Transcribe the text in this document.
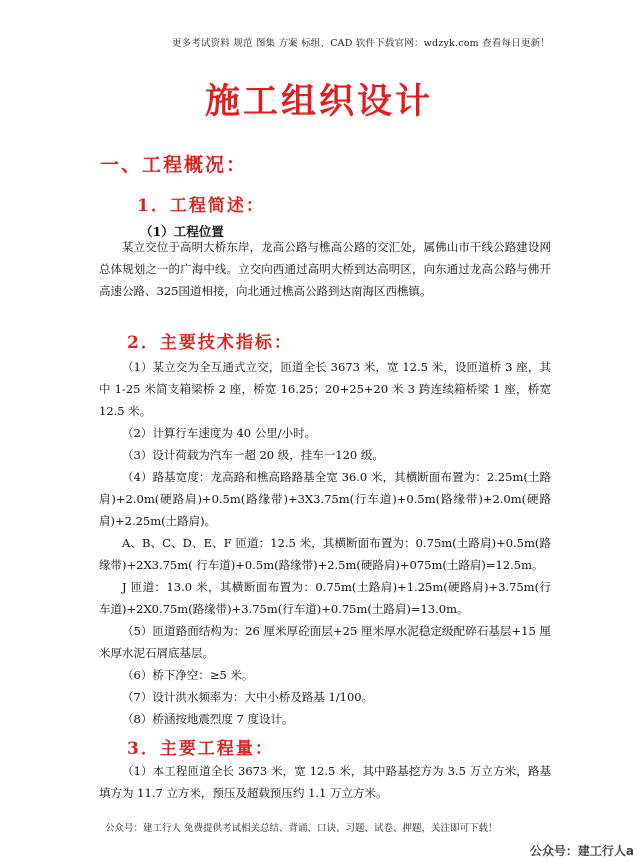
更多考试资料 规范 图集 方案 标组、CAD 软件下载官网：wdzyk.com 查看每日更新！
施工组织设计
一、工程概况：
1．工程简述：
（1）工程位置
某立交位于高明大桥东岸，龙高公路与樵高公路的交汇处，属佛山市干线公路建设网总体规划之一的广海中线。立交向西通过高明大桥到达高明区，向东通过龙高公路与佛开高速公路、325国道相接，向北通过樵高公路到达南海区西樵镇。
2．主要技术指标：
（1）某立交为全互通式立交，匝道全长 3673 米，宽 12.5 米，设匝道桥 3 座，其中 1-25 米简支箱梁桥 2 座，桥宽 16.25；20+25+20 米 3 跨连续箱桥梁 1 座，桥宽 12.5 米。
（2）计算行车速度为 40 公里/小时。
（3）设计荷载为汽车一超 20 级，挂车一120 级。
（4）路基宽度：龙高路和樵高路路基全宽 36.0 米，其横断面布置为：2.25m(土路肩)+2.0m(硬路肩)+0.5m(路缘带)+3X3.75m(行车道)+0.5m(路缘带)+2.0m(硬路肩)+2.25m(土路肩)。
A、B、C、D、E、F 匝道：12.5 米，其横断面布置为：0.75m(土路肩)+0.5m(路缘带)+2X3.75m( 行车道)+0.5m(路缘带)+2.5m(硬路肩)+075m(土路肩)=12.5m。
J 匝道：13.0 米，其横断面布置为：0.75m(土路肩)+1.25m(硬路肩)+3.75m(行车道)+2X0.75m(路缘带)+3.75m(行车道)+0.75m(土路肩)=13.0m。
（5）匝道路面结构为：26 厘米厚砼面层+25 厘米厚水泥稳定级配碎石基层+15 厘米厚水泥石屑底基层。
（6）桥下净空：≥5 米。
（7）设计洪水频率为：大中小桥及路基 1/100。
（8）桥涵按地震烈度 7 度设计。
3．主要工程量：
（1）本工程匝道全长 3673 米，宽 12.5 米，其中路基挖方为 3.5 万立方米，路基填方为 11.7 立方米，预压及超载预压约 1.1 万立方米。
公众号：建工行人 免费提供考试相关总结、背诵、口诀、习题、试卷、押题，关注即可下载！
公众号：建工行人a
